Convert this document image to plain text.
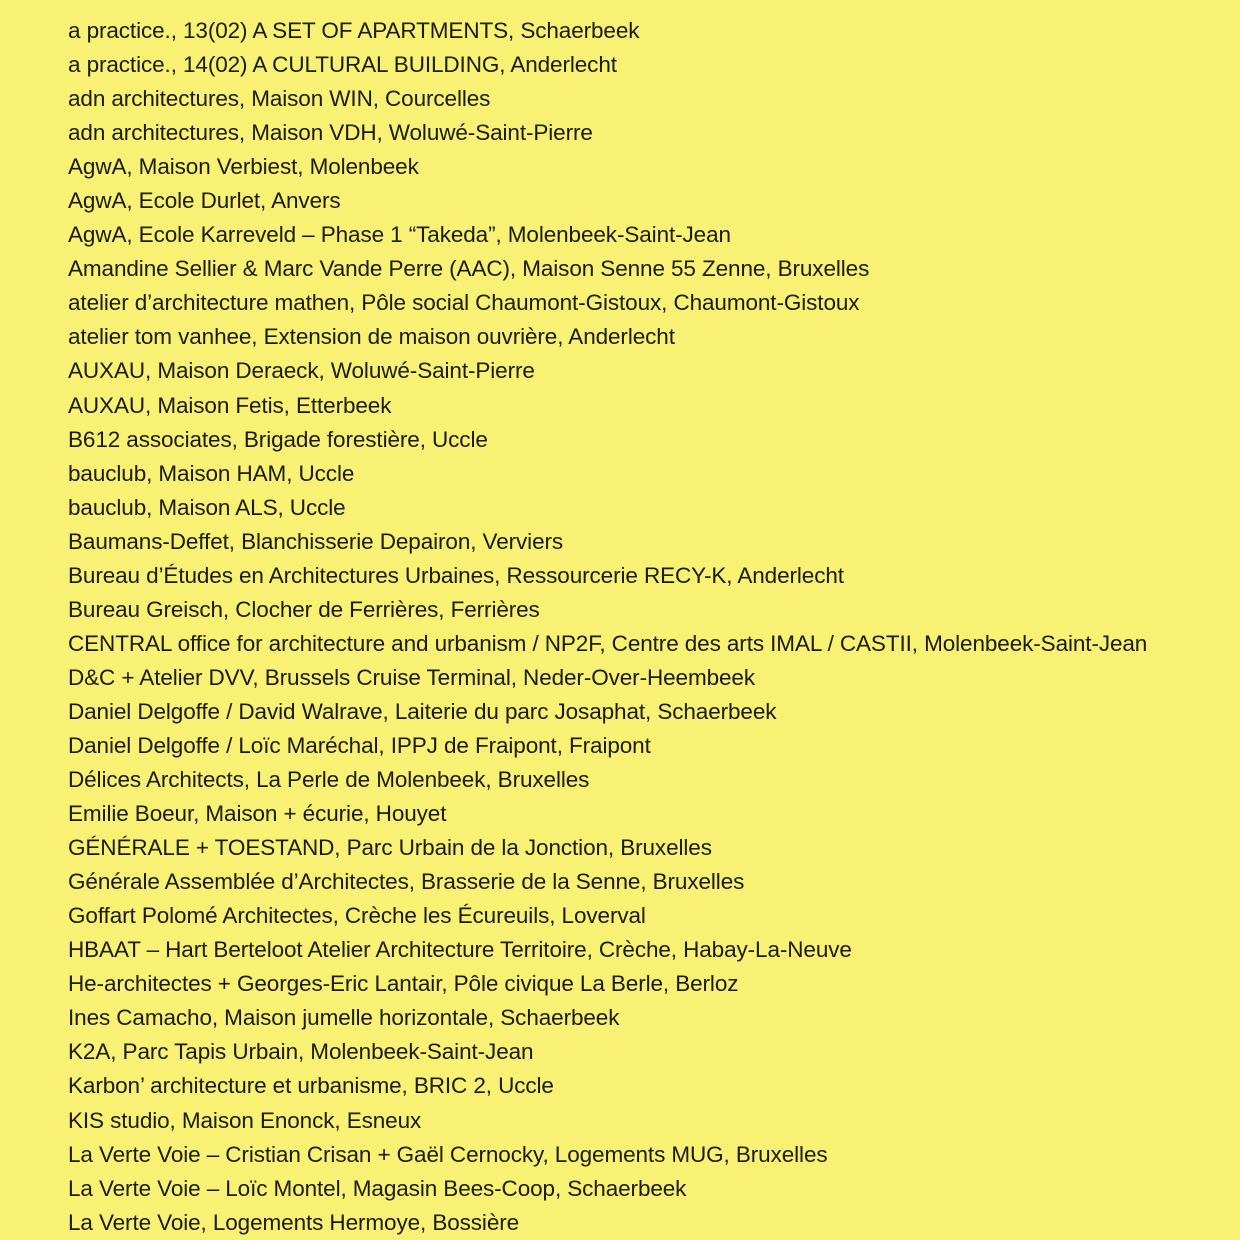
a practice., 13(02) A SET OF APARTMENTS, Schaerbeek
a practice., 14(02) A CULTURAL BUILDING, Anderlecht
adn architectures, Maison WIN, Courcelles
adn architectures, Maison VDH, Woluwé-Saint-Pierre
AgwA, Maison Verbiest, Molenbeek
AgwA, Ecole Durlet, Anvers
AgwA, Ecole Karreveld – Phase 1 “Takeda”, Molenbeek-Saint-Jean
Amandine Sellier & Marc Vande Perre (AAC), Maison Senne 55 Zenne, Bruxelles
atelier d’architecture mathen, Pôle social Chaumont-Gistoux, Chaumont-Gistoux
atelier tom vanhee, Extension de maison ouvrière, Anderlecht
AUXAU, Maison Deraeck, Woluwé-Saint-Pierre
AUXAU, Maison Fetis, Etterbeek
B612 associates, Brigade forestière, Uccle
bauclub, Maison HAM, Uccle
bauclub, Maison ALS, Uccle
Baumans-Deffet, Blanchisserie Depairon, Verviers
Bureau d’Études en Architectures Urbaines, Ressourcerie RECY-K, Anderlecht
Bureau Greisch, Clocher de Ferrières, Ferrières
CENTRAL office for architecture and urbanism / NP2F, Centre des arts IMAL / CASTII, Molenbeek-Saint-Jean
D&C + Atelier DVV, Brussels Cruise Terminal, Neder-Over-Heembeek
Daniel Delgoffe / David Walrave, Laiterie du parc Josaphat, Schaerbeek
Daniel Delgoffe / Loïc Maréchal, IPPJ de Fraipont, Fraipont
Délices Architects, La Perle de Molenbeek, Bruxelles
Emilie Boeur, Maison + écurie, Houyet
GÉNÉRALE + TOESTAND, Parc Urbain de la Jonction, Bruxelles
Générale Assemblée d’Architectes, Brasserie de la Senne, Bruxelles
Goffart Polomé Architectes, Crèche les Écureuils, Loverval
HBAAT – Hart Berteloot Atelier Architecture Territoire, Crèche, Habay-La-Neuve
He-architectes + Georges-Eric Lantair, Pôle civique La Berle, Berloz
Ines Camacho, Maison jumelle horizontale, Schaerbeek
K2A, Parc Tapis Urbain, Molenbeek-Saint-Jean
Karbon’ architecture et urbanisme, BRIC 2, Uccle
KIS studio, Maison Enonck, Esneux
La Verte Voie – Cristian Crisan + Gaël Cernocky, Logements MUG, Bruxelles
La Verte Voie – Loïc Montel, Magasin Bees-Coop, Schaerbeek
La Verte Voie, Logements Hermoye, Bossière
